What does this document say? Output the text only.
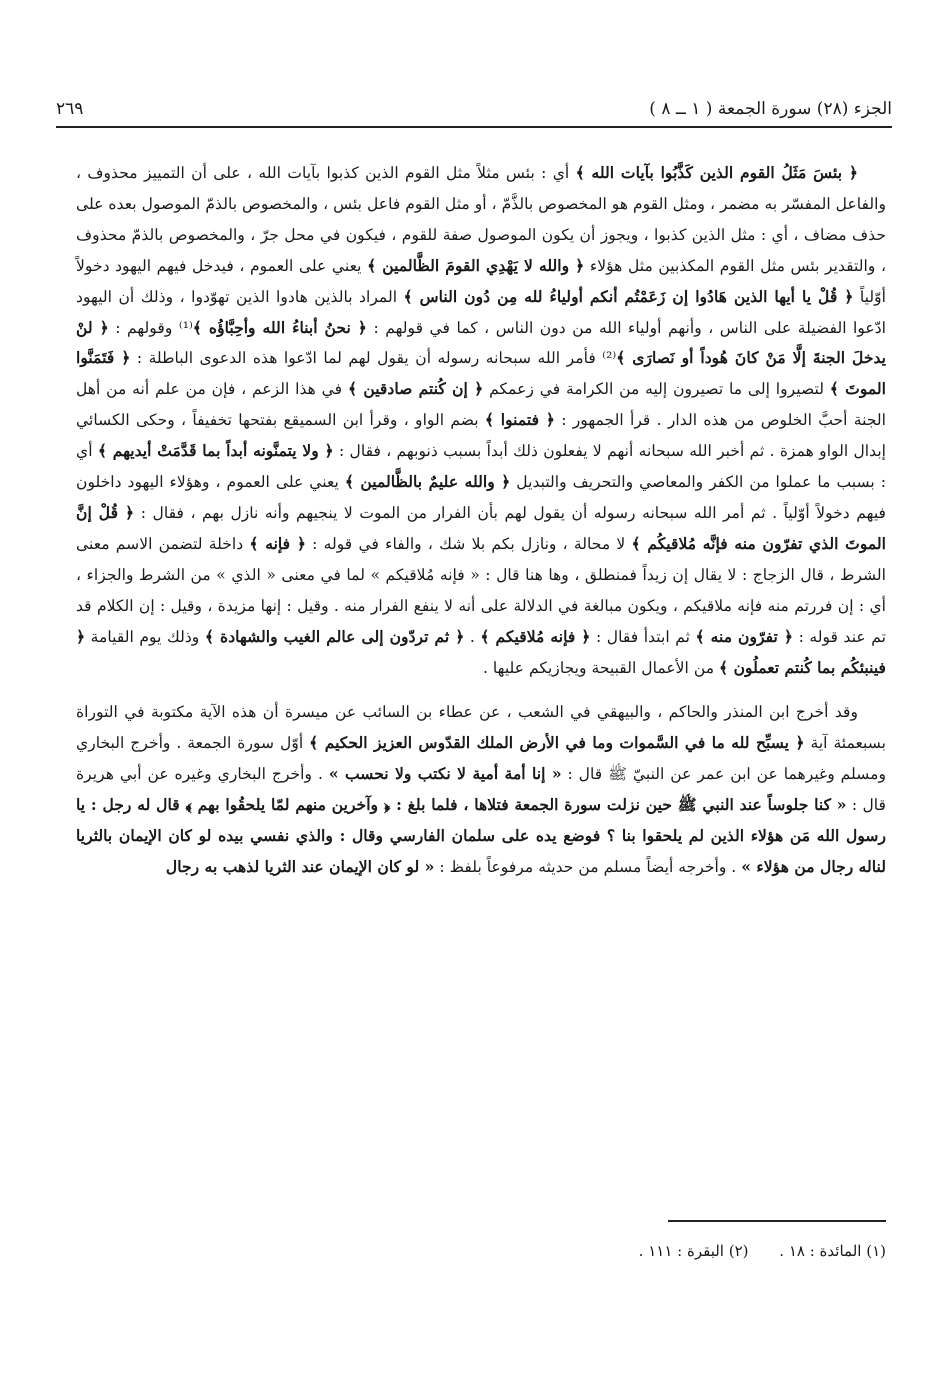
الجزء (٢٨) سورة الجمعة ( ١ ــ ٨ )
٢٦٩

﴿ بئسَ مَثَلُ القوم الذين كَذَّبُوا بآيات الله ﴾ أي : بئس مثلاً مثل القوم الذين كذبوا بآيات الله ، على أن التمييز محذوف ، والفاعل المفسّر به مضمر ، ومثل القوم هو المخصوص بالذَّمّ ، أو مثل القوم فاعل بئس ، والمخصوص بالذمّ الموصول بعده على حذف مضاف ، أي : مثل الذين كذبوا ، ويجوز أن يكون الموصول صفة للقوم ، فيكون في محل جرّ ، والمخصوص بالذمّ محذوف ، والتقدير بئس مثل القوم المكذبين مثل هؤلاء ﴿ والله لا يَهْدِي القومَ الظَّالمين ﴾ يعني على العموم ، فيدخل فيهم اليهود دخولاً أوّلياً ﴿ قُلْ يا أيها الذين هَادُوا إن زَعَمْتُم أنكم أولياءُ لله مِن دُون الناس ﴾ المراد بالذين هادوا الذين تهوّدوا ، وذلك أن اليهود ادّعوا الفضيلة على الناس ، وأنهم أولياء الله من دون الناس ، كما في قولهم : ﴿ نحنُ أبناءُ الله وأحِبَّاؤُه ﴾⁽¹⁾ وقولهم : ﴿ لنْ يدخلَ الجنةَ إلَّا مَنْ كانَ هُوداً أو نَصارَى ﴾⁽²⁾ فأمر الله سبحانه رسوله أن يقول لهم لما ادّعوا هذه الدعوى الباطلة : ﴿ فَتَمَنَّوا الموتَ ﴾ لتصيروا إلى ما تصيرون إليه من الكرامة في زعمكم ﴿ إن كُنتم صادقين ﴾ في هذا الزعم ، فإن من علم أنه من أهل الجنة أحبَّ الخلوص من هذه الدار . قرأ الجمهور : ﴿ فتمنوا ﴾ بضم الواو ، وقرأ ابن السميقع بفتحها تخفيفاً ، وحكى الكسائي إبدال الواو همزة . ثم أخبر الله سبحانه أنهم لا يفعلون ذلك أبداً بسبب ذنوبهم ، فقال : ﴿ ولا يتمنَّونه أبداً بما قَدَّمَتْ أيديهم ﴾ أي : بسبب ما عملوا من الكفر والمعاصي والتحريف والتبديل ﴿ والله عليمٌ بالظَّالمين ﴾ يعني على العموم ، وهؤلاء اليهود داخلون فيهم دخولاً أوّلياً . ثم أمر الله سبحانه رسوله أن يقول لهم بأن الفرار من الموت لا ينجيهم وأنه نازل بهم ، فقال : ﴿ قُلْ إنَّ الموتَ الذي تفرّون منه فإنَّه مُلاقيكُم ﴾ لا محالة ، ونازل بكم بلا شك ، والفاء في قوله : ﴿ فإنه ﴾ داخلة لتضمن الاسم معنى الشرط ، قال الزجاج : لا يقال إن زيداً فمنطلق ، وها هنا قال : « فإنه مُلاقيكم » لما في معنى « الذي » من الشرط والجزاء ، أي : إن فررتم منه فإنه ملاقيكم ، ويكون مبالغة في الدلالة على أنه لا ينفع الفرار منه . وقيل : إنها مزيدة ، وقيل : إن الكلام قد تم عند قوله : ﴿ تفرّون منه ﴾ ثم ابتدأ فقال : ﴿ فإنه مُلاقيكم ﴾ . ﴿ ثم تردّون إلى عالم الغيب والشهادة ﴾ وذلك يوم القيامة ﴿ فينبئكُم بما كُنتم تعملُون ﴾ من الأعمال القبيحة ويجازيكم عليها .

وقد أخرج ابن المنذر والحاكم ، والبيهقي في الشعب ، عن عطاء بن السائب عن ميسرة أن هذه الآية مكتوبة في التوراة بسبعمئة آية ﴿ يسبِّح لله ما في السَّموات وما في الأرض الملك القدّوس العزيز الحكيم ﴾ أوّل سورة الجمعة . وأخرج البخاري ومسلم وغيرهما عن ابن عمر عن النبيّ ﷺ قال : « إنا أمة أمية لا نكتب ولا نحسب » . وأخرج البخاري وغيره عن أبي هريرة قال : « كنا جلوساً عند النبي ﷺ حين نزلت سورة الجمعة فتلاها ، فلما بلغ : ﴿ وآخرين منهم لمّا يلحقُوا بهم ﴾ قال له رجل : يا رسول الله مَن هؤلاء الذين لم يلحقوا بنا ؟ فوضع يده على سلمان الفارسي وقال : والذي نفسي بيده لو كان الإيمان بالثريا لناله رجال من هؤلاء » . وأخرجه أيضاً مسلم من حديثه مرفوعاً بلفظ : « لو كان الإيمان عند الثريا لذهب به رجال

(١) المائدة : ١٨ . (٢) البقرة : ١١١ .
